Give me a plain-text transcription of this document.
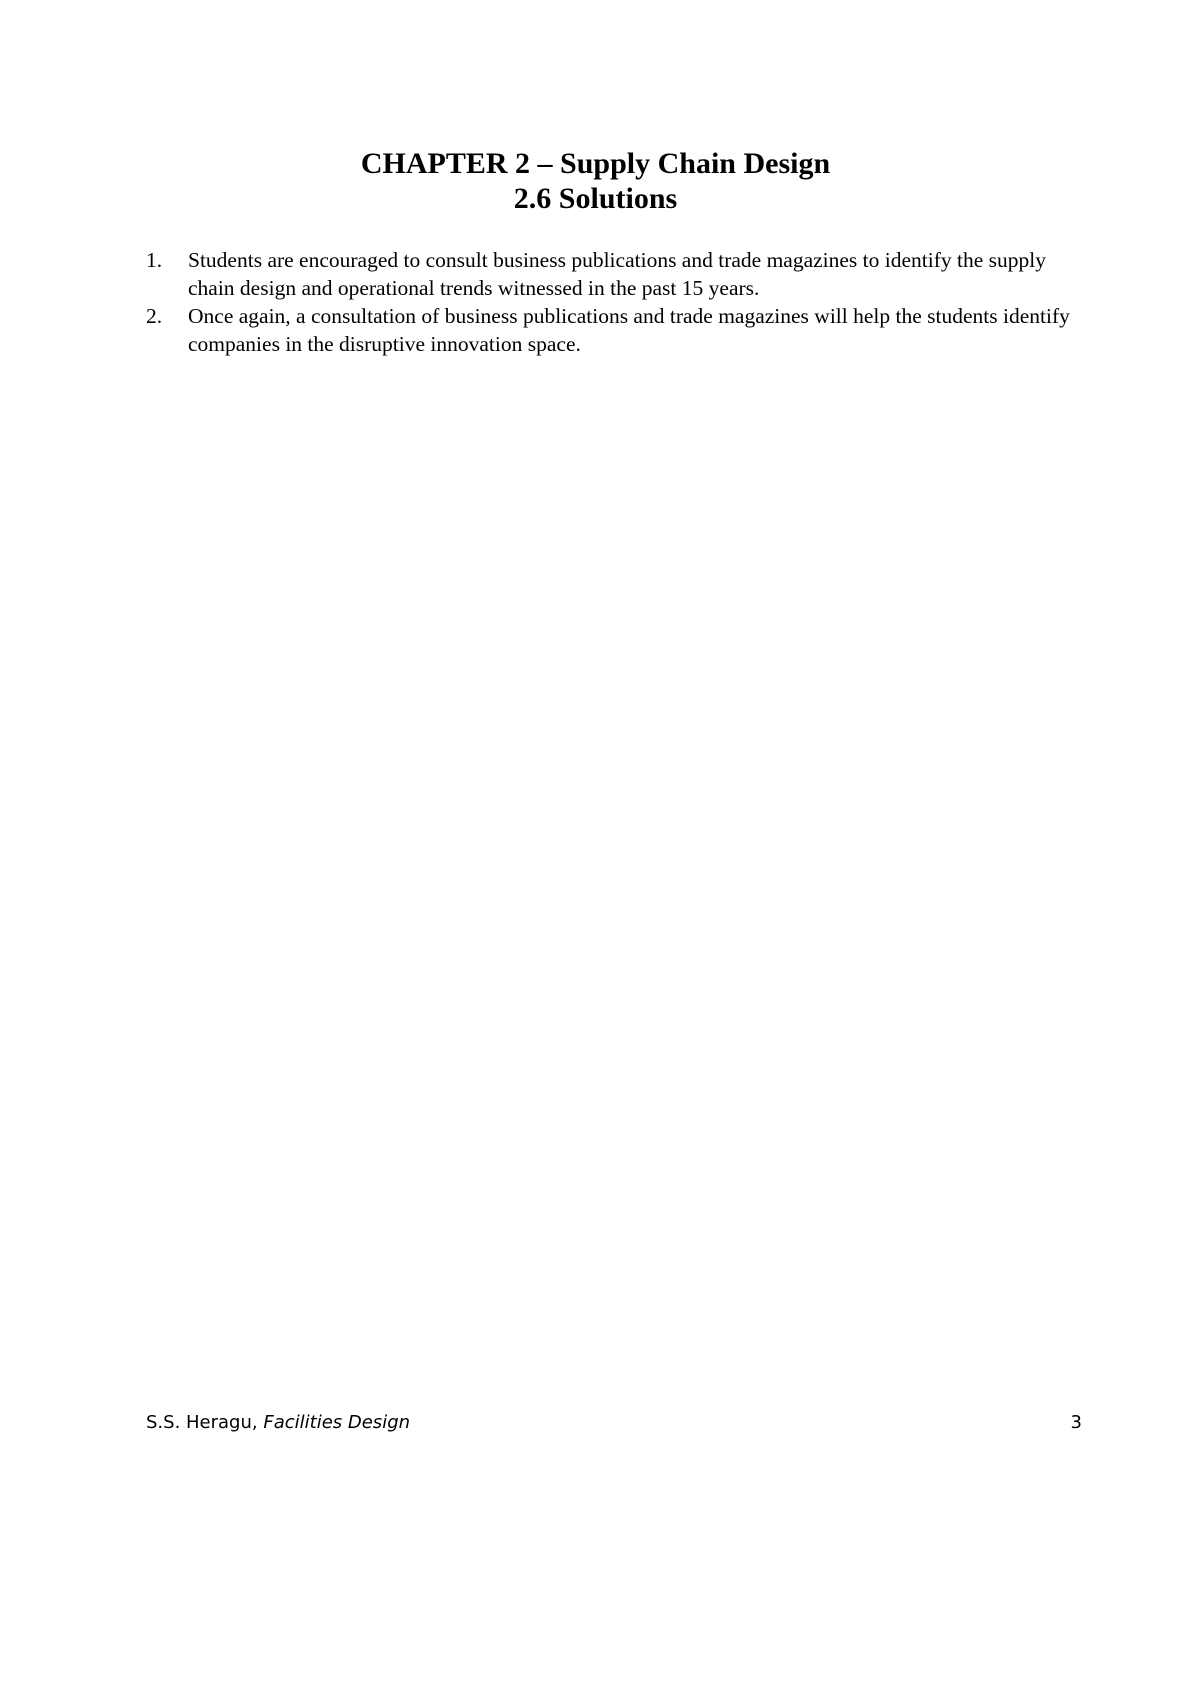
CHAPTER 2 – Supply Chain Design
2.6 Solutions
1. Students are encouraged to consult business publications and trade magazines to identify the supply chain design and operational trends witnessed in the past 15 years.
2. Once again, a consultation of business publications and trade magazines will help the students identify companies in the disruptive innovation space.
S.S. Heragu, Facilities Design	3
